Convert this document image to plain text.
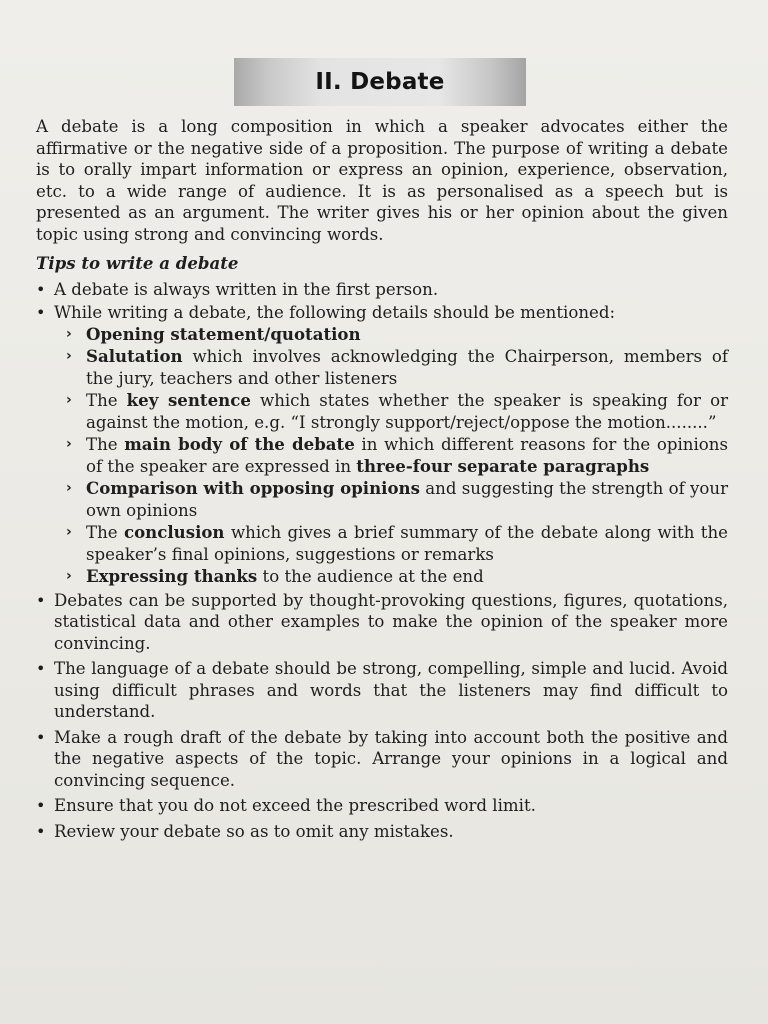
II. Debate

A debate is a long composition in which a speaker advocates either the affirmative or the negative side of a proposition. The purpose of writing a debate is to orally impart information or express an opinion, experience, observation, etc. to a wide range of audience. It is as personalised as a speech but is presented as an argument. The writer gives his or her opinion about the given topic using strong and convincing words.

Tips to write a debate

• A debate is always written in the first person.
• While writing a debate, the following details should be mentioned:
› Opening statement/quotation
› Salutation which involves acknowledging the Chairperson, members of the jury, teachers and other listeners
› The key sentence which states whether the speaker is speaking for or against the motion, e.g. “I strongly support/reject/oppose the motion........”
› The main body of the debate in which different reasons for the opinions of the speaker are expressed in three-four separate paragraphs
› Comparison with opposing opinions and suggesting the strength of your own opinions
› The conclusion which gives a brief summary of the debate along with the speaker’s final opinions, suggestions or remarks
› Expressing thanks to the audience at the end
• Debates can be supported by thought-provoking questions, figures, quotations, statistical data and other examples to make the opinion of the speaker more convincing.
• The language of a debate should be strong, compelling, simple and lucid. Avoid using difficult phrases and words that the listeners may find difficult to understand.
• Make a rough draft of the debate by taking into account both the positive and the negative aspects of the topic. Arrange your opinions in a logical and convincing sequence.
• Ensure that you do not exceed the prescribed word limit.
• Review your debate so as to omit any mistakes.
